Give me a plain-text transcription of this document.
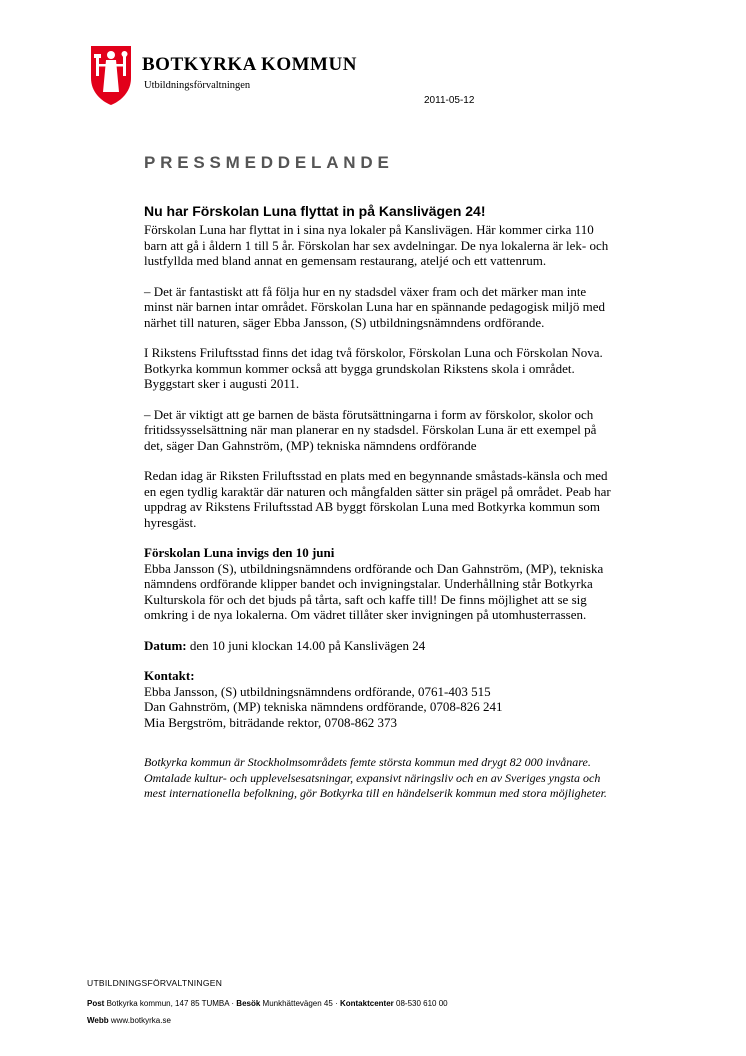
BOTKYRKA KOMMUN
Utbildningsförvaltningen
2011-05-12
PRESSMEDDELANDE
Nu har Förskolan Luna flyttat in på Kanslivägen 24!

Förskolan Luna har flyttat in i sina nya lokaler på Kanslivägen. Här kommer cirka 110 barn att gå i åldern 1 till 5 år. Förskolan har sex avdelningar. De nya lokalerna är lek- och lustfyllda med bland annat en gemensam restaurang, ateljé och ett vattenrum.

– Det är fantastiskt att få följa hur en ny stadsdel växer fram och det märker man inte minst när barnen intar området. Förskolan Luna har en spännande pedagogisk miljö med närhet till naturen, säger Ebba Jansson, (S) utbildningsnämndens ordförande.

I Rikstens Friluftsstad finns det idag två förskolor, Förskolan Luna och Förskolan Nova. Botkyrka kommun kommer också att bygga grundskolan Rikstens skola i området. Byggstart sker i augusti 2011.

– Det är viktigt att ge barnen de bästa förutsättningarna i form av förskolor, skolor och fritidssysselsättning när man planerar en ny stadsdel. Förskolan Luna är ett exempel på det, säger Dan Gahnström, (MP) tekniska nämndens ordförande

Redan idag är Riksten Friluftsstad en plats med en begynnande småstads-känsla och med en egen tydlig karaktär där naturen och mångfalden sätter sin prägel på området. Peab har uppdrag av Rikstens Friluftsstad AB byggt förskolan Luna med Botkyrka kommun som hyresgäst.

Förskolan Luna invigs den 10 juni

Ebba Jansson (S), utbildningsnämndens ordförande och Dan Gahnström, (MP), tekniska nämndens ordförande klipper bandet och invigningstalar. Underhållning står Botkyrka Kulturskola för och det bjuds på tårta, saft och kaffe till! De finns möjlighet att se sig omkring i de nya lokalerna. Om vädret tillåter sker invigningen på utomhusterrassen.

Datum: den 10 juni klockan 14.00 på Kanslivägen 24

Kontakt:

Ebba Jansson, (S) utbildningsnämndens ordförande, 0761-403 515
Dan Gahnström, (MP) tekniska nämndens ordförande, 0708-826 241
Mia Bergström, biträdande rektor, 0708-862 373

Botkyrka kommun är Stockholmsområdets femte största kommun med drygt 82 000 invånare. Omtalade kultur- och upplevelsesatsningar, expansivt näringsliv och en av Sveriges yngsta och mest internationella befolkning, gör Botkyrka till en händelserik kommun med stora möjligheter.

UTBILDNINGSFÖRVALTNINGEN
Post Botkyrka kommun, 147 85 TUMBA · Besök Munkhättevägen 45 · Kontaktcenter 08-530 610 00
Webb www.botkyrka.se
